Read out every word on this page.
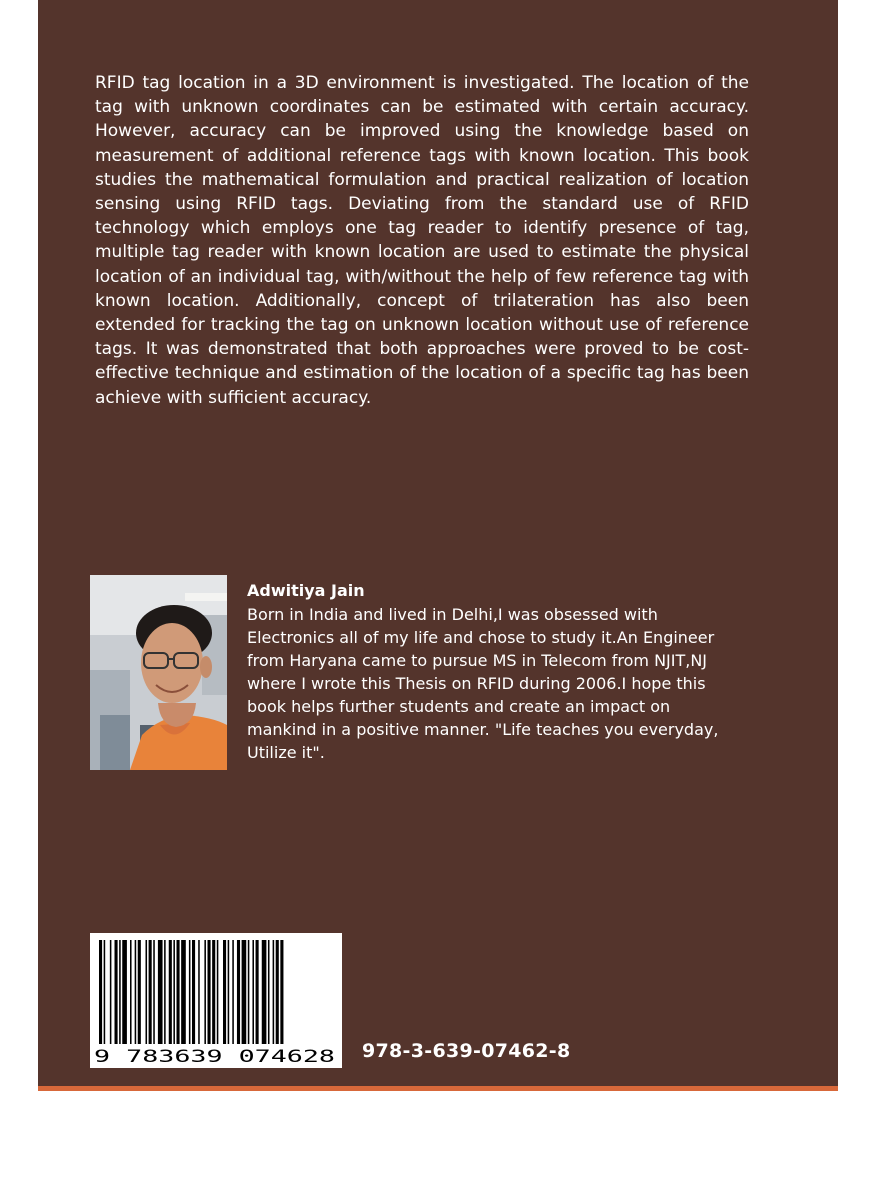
RFID tag location in a 3D environment is investigated. The location of the tag with unknown coordinates can be estimated with certain accuracy. However, accuracy can be improved using the knowledge based on measurement of additional reference tags with known location. This book studies the mathematical formulation and practical realization of location sensing using RFID tags. Deviating from the standard use of RFID technology which employs one tag reader to identify presence of tag, multiple tag reader with known location are used to estimate the physical location of an individual tag, with/without the help of few reference tag with known location. Additionally, concept of trilateration has also been extended for tracking the tag on unknown location without use of reference tags. It was demonstrated that both approaches were proved to be cost-effective technique and estimation of the location of a specific tag has been achieve with sufficient accuracy.

Adwitiya Jain

Born in India and lived in Delhi,I was obsessed with Electronics all of my life and chose to study it.An Engineer from Haryana came to pursue MS in Telecom from NJIT,NJ where I wrote this Thesis on RFID during 2006.I hope this book helps further students and create an impact on mankind in a positive manner. "Life teaches you everyday, Utilize it".

9 783639 074628 978-3-639-07462-8
